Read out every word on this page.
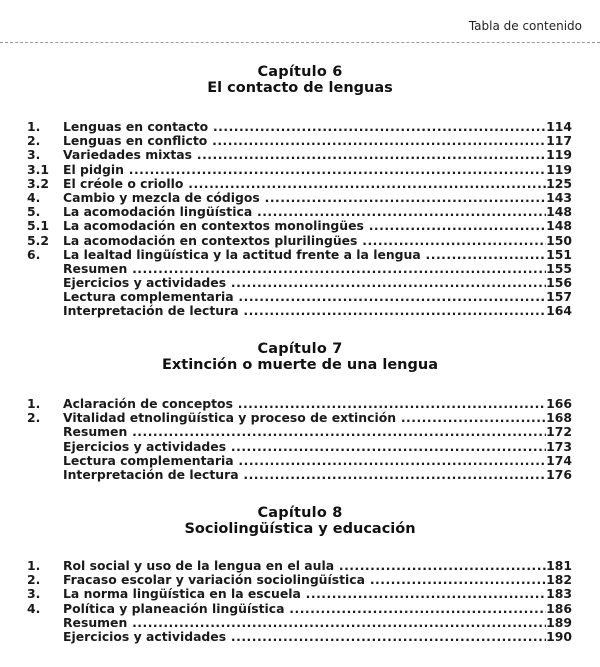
Tabla de contenido
Capítulo 6
El contacto de lenguas
1. Lenguas en contacto .....	114
2. Lenguas en conflicto .....	117
3. Variedades mixtas .....	119
3.1 El pidgin .....	119
3.2 El créole o criollo .....	125
4. Cambio y mezcla de códigos .....	143
5. La acomodación lingüística .....	148
5.1 La acomodación en contextos monolingües .....	148
5.2 La acomodación en contextos plurilingües .....	150
6. La lealtad lingüística y la actitud frente a la lengua .....	151
Resumen .....	155
Ejercicios y actividades .....	156
Lectura complementaria .....	157
Interpretación de lectura .....	164
Capítulo 7
Extinción o muerte de una lengua
1. Aclaración de conceptos .....	166
2. Vitalidad etnolingüística y proceso de extinción .....	168
Resumen .....	172
Ejercicios y actividades .....	173
Lectura complementaria .....	174
Interpretación de lectura .....	176
Capítulo 8
Sociolingüística y educación
1. Rol social y uso de la lengua en el aula .....	181
2. Fracaso escolar y variación sociolingüística .....	182
3. La norma lingüística en la escuela .....	183
4. Política y planeación lingüística .....	186
Resumen .....	189
Ejercicios y actividades .....	190
